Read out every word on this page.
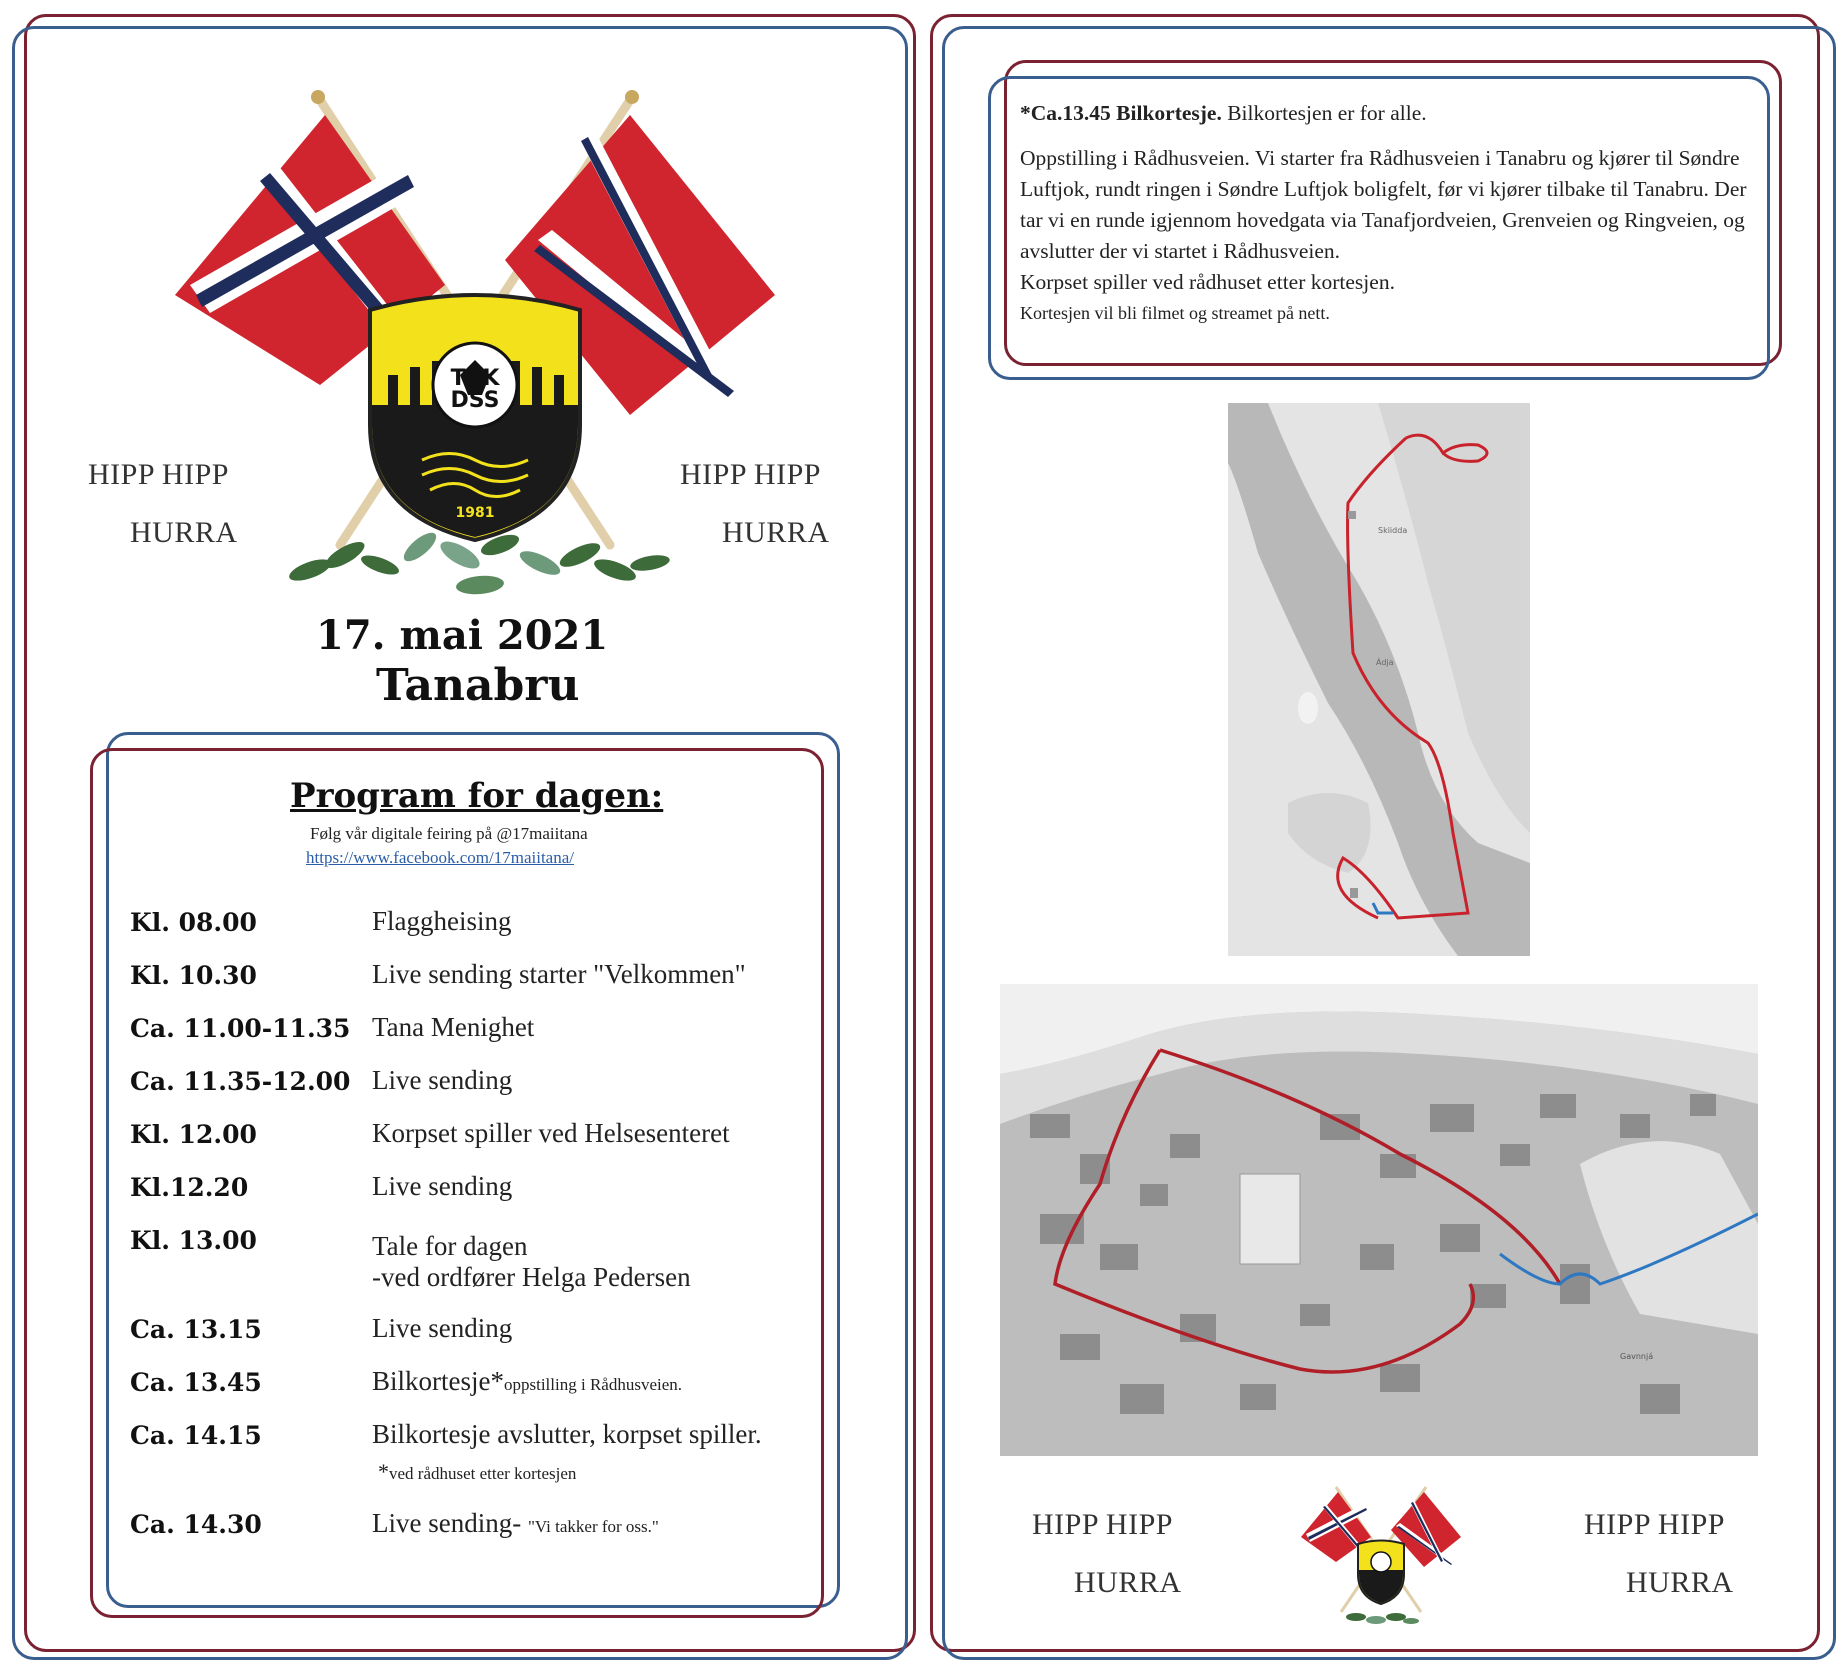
TBK
DSS
1981
HIPP HIPP
HURRA
HIPP HIPP
HURRA
17. mai 2021
Tanabru
Program for dagen:
Følg vår digitale feiring på @17maiitana
https://www.facebook.com/17maiitana/
Kl. 08.00	Flaggheising
Kl. 10.30	Live sending starter "Velkommen"
Ca. 11.00-11.35 Tana Menighet
Ca. 11.35-12.00 Live sending
Kl. 12.00	Korpset spiller ved Helsesenteret
Kl.12.20	Live sending
Kl. 13.00	Tale for dagen
-ved ordfører Helga Pedersen
Ca. 13.15	Live sending
Ca. 13.45	Bilkortesje*oppstilling i Rådhusveien.
Ca. 14.15	Bilkortesje avslutter, korpset spiller.
*ved rådhuset etter kortesjen
Ca. 14.30	Live sending- "Vi takker for oss."

*Ca.13.45 Bilkortesje. Bilkortesjen er for alle.

Oppstilling i Rådhusveien. Vi starter fra Rådhusveien i Tanabru og kjører til Søndre Luftjok, rundt ringen i Søndre Luftjok boligfelt, før vi kjører tilbake til Tanabru. Der tar vi en runde igjennom hovedgata via Tanafjordveien, Grenveien og Ringveien, og avslutter der vi startet i Rådhusveien.

Korpset spiller ved rådhuset etter kortesjen.

Kortesjen vil bli filmet og streamet på nett.

Skiidda
Ádja
Gavnnjá
HIPP HIPP
HURRA
HIPP HIPP
HURRA
